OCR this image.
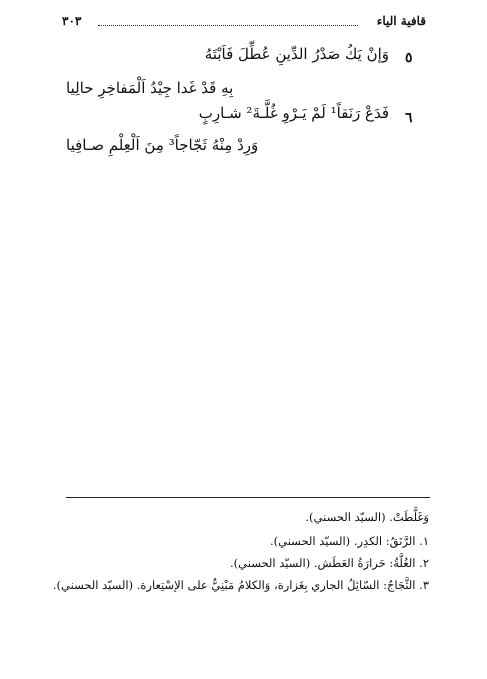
قافية الياء
٣٠٣
٥
وَإنْ يَكُ صَدْرُ الدِّينِ عُطِّلَ فَاَبْتَهُ
بِهِ قَدْ غَدا جِيْدُ اَلْمَفاخِرِ حالِيا
٦
فَدَعْ رَنَقاً¹ لَمْ يَـرْوِ غُلَّـةَ² شـارِبٍ
وَرِدْ مِنْهُ ثَجّاجاً³ مِنَ اَلْعِلْمِ صـافِيا
وَغَلَّطَتْ. (السيّد الحسني).
١. الرَّنَقُ: الكدِر. (السيّد الحسني).
٢. الغُلَّةُ: حَرارَةُ العَطَش. (السيّد الحسني).
٣. الثَّجَاجُ: السّائِلُ الجاري بِغَزارة، وَالكلامُ مَبْنِيٌّ على الإسْتِعارة. (السيّد الحسني).
